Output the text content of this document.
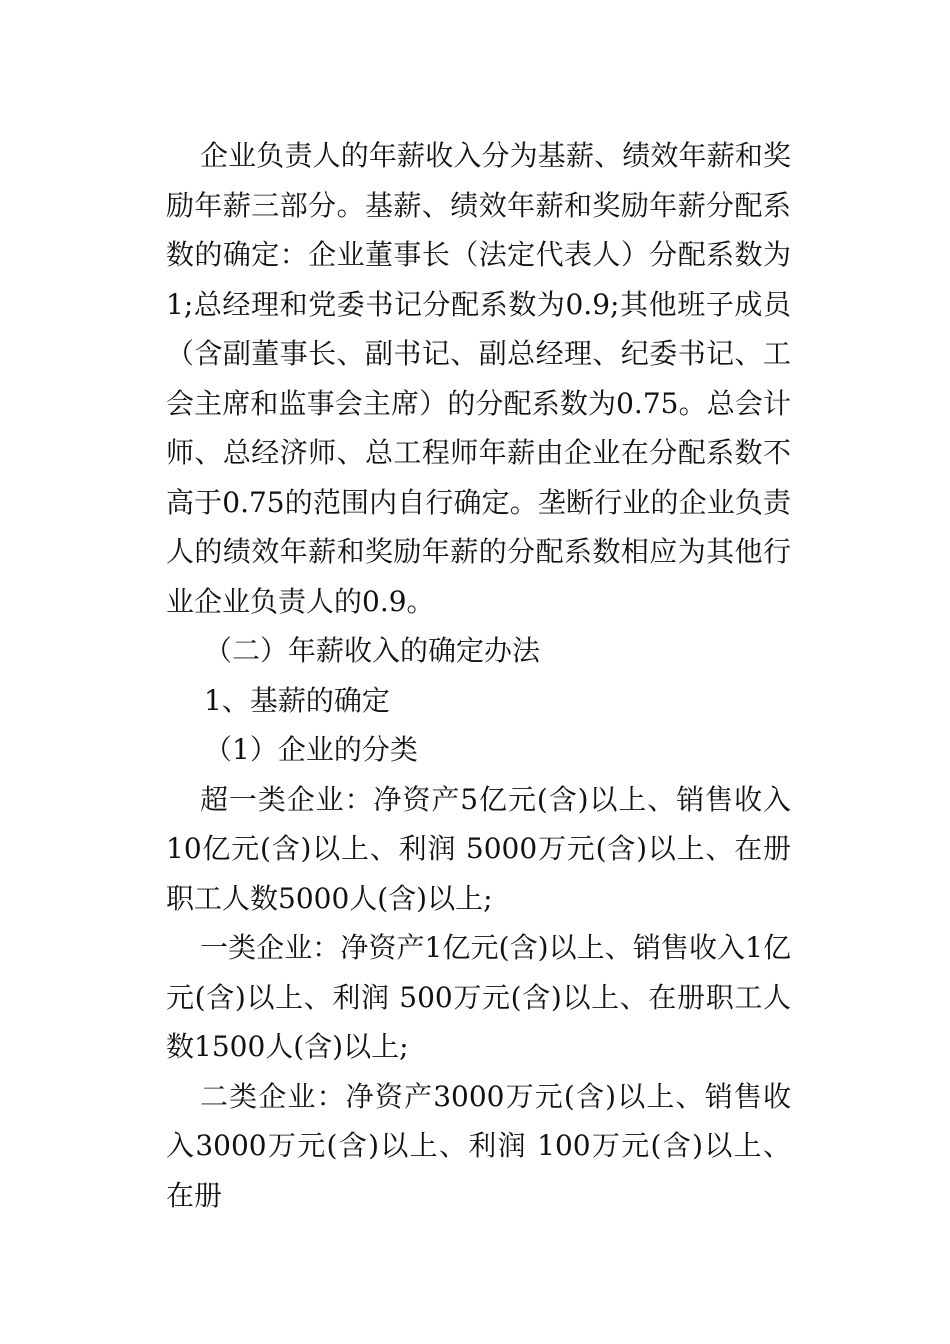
企业负责人的年薪收入分为基薪、绩效年薪和奖励年薪三部分。基薪、绩效年薪和奖励年薪分配系数的确定：企业董事长（法定代表人）分配系数为1;总经理和党委书记分配系数为0.9;其他班子成员（含副董事长、副书记、副总经理、纪委书记、工会主席和监事会主席）的分配系数为0.75。总会计师、总经济师、总工程师年薪由企业在分配系数不高于0.75的范围内自行确定。垄断行业的企业负责人的绩效年薪和奖励年薪的分配系数相应为其他行业企业负责人的0.9。

（二）年薪收入的确定办法

1、基薪的确定

（1）企业的分类

超一类企业：净资产5亿元(含)以上、销售收入10亿元(含)以上、利润 5000万元(含)以上、在册职工人数5000人(含)以上;

一类企业：净资产1亿元(含)以上、销售收入1亿元(含)以上、利润 500万元(含)以上、在册职工人数1500人(含)以上;

二类企业：净资产3000万元(含)以上、销售收入3000万元(含)以上、利润 100万元(含)以上、在册
